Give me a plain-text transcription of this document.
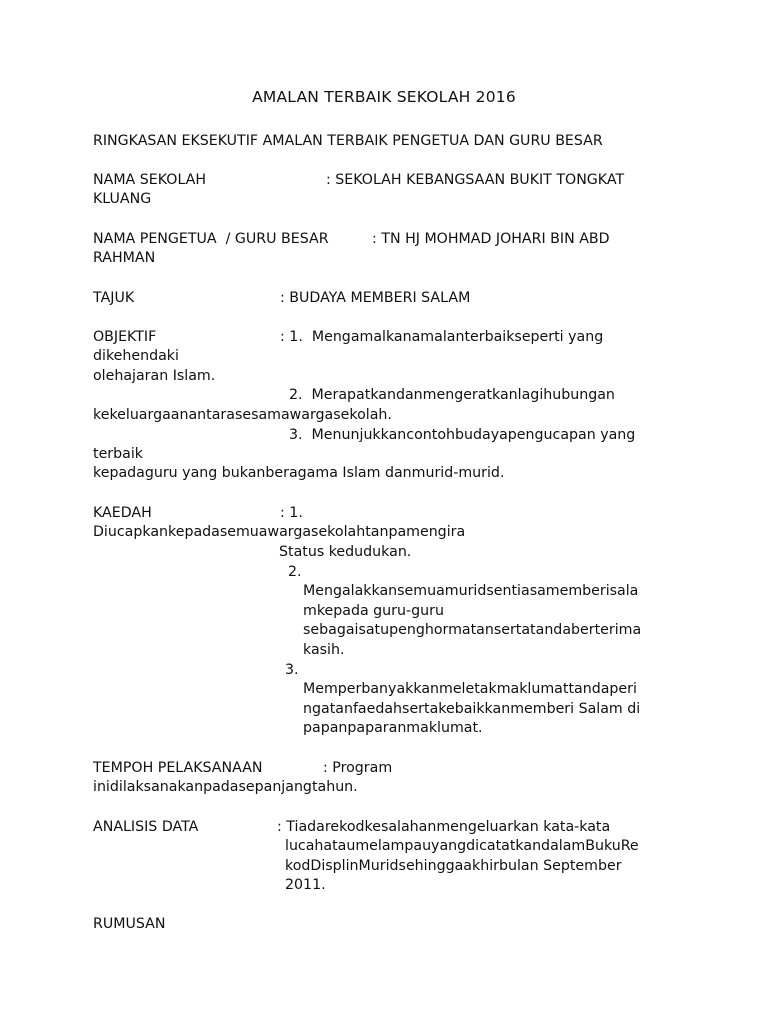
AMALAN TERBAIK SEKOLAH 2016
RINGKASAN EKSEKUTIF AMALAN TERBAIK PENGETUA DAN GURU BESAR
NAMA SEKOLAH	: SEKOLAH KEBANGSAAN BUKIT TONGKAT
KLUANG
NAMA PENGETUA  / GURU BESAR	: TN HJ MOHMAD JOHARI BIN ABD
RAHMAN
TAJUK	: BUDAYA MEMBERI SALAM
OBJEKTIF	: 1.  Mengamalkanamalanterbaikseperti yang
dikehendaki
olehajaran Islam.
2.  Merapatkandanmengeratkanlagihubungan
kekeluargaanantarasesamawargasekolah.
3.  Menunjukkancontohbudayapengucapan yang
terbaik
kepadaguru yang bukanberagama Islam danmurid-murid.
KAEDAH	: 1.
Diucapkankepadasemuawargasekolahtanpamengira
Status kedudukan.
2.
Mengalakkansemuamuridsentiasamemberisala
mkepada guru-guru
sebagaisatupenghormatansertatandaberterima
kasih.
3.
Memperbanyakkanmeletakmaklumattandaperi
ngatanfaedahsertakebaikkanmemberi Salam di
papanpaparanmaklumat.
TEMPOH PELAKSANAAN	: Program
inidilaksanakanpadasepanjangtahun.
ANALISIS DATA	: Tiadarekodkesalahanmengeluarkan kata-kata
lucahataumelampauyangdicatatkandalamBukuRe
kodDisplinMuridsehinggaakhirbulan September
2011.
RUMUSAN
